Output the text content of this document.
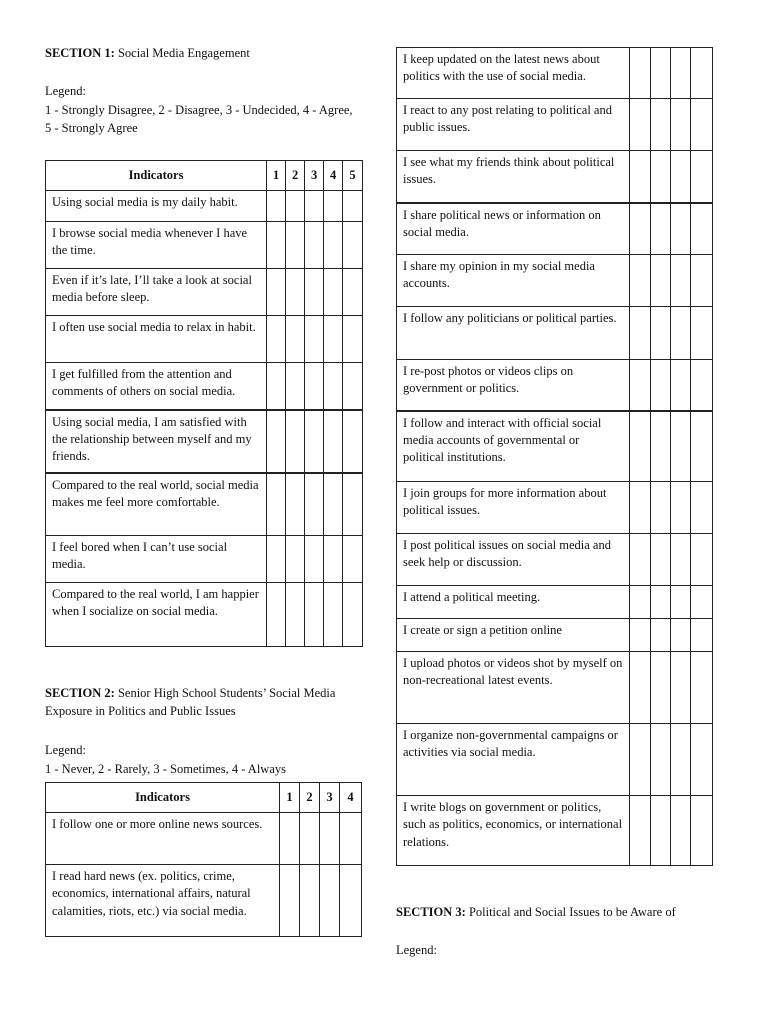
SECTION 1: Social Media Engagement

Legend:

1 - Strongly Disagree, 2 - Disagree, 3 - Undecided, 4 - Agree, 5 - Strongly Agree

Indicators	1	2	3	4	5
Using social media is my daily habit.					
I browse social media whenever I have the time.					
Even if it’s late, I’ll take a look at social media before sleep.					
I often use social media to relax in habit.					
I get fulfilled from the attention and comments of others on social media.					
Using social media, I am satisfied with the relationship between myself and my friends.					
Compared to the real world, social media makes me feel more comfortable.					
I feel bored when I can’t use social media.					
Compared to the real world, I am happier when I socialize on social media.					

SECTION 2: Senior High School Students’ Social Media Exposure in Politics and Public Issues

Legend:

1 - Never, 2 - Rarely, 3 - Sometimes, 4 - Always

Indicators	1	2	3	4
I follow one or more online news sources.				
I read hard news (ex. politics, crime, economics, international affairs, natural calamities, riots, etc.) via social media.				
I keep updated on the latest news about politics with the use of social media.				
I react to any post relating to political and public issues.				
I see what my friends think about political issues.				
I share political news or information on social media.				
I share my opinion in my social media accounts.				
I follow any politicians or political parties.				
I re-post photos or videos clips on government or politics.				
I follow and interact with official social media accounts of governmental or political institutions.				
I join groups for more information about political issues.				
I post political issues on social media and seek help or discussion.				
I attend a political meeting.				
I create or sign a petition online				
I upload photos or videos shot by myself on non-recreational latest events.				
I organize non-governmental campaigns or activities via social media.				
I write blogs on government or politics, such as politics, economics, or international relations.				

SECTION 3: Political and Social Issues to be Aware of

Legend:
